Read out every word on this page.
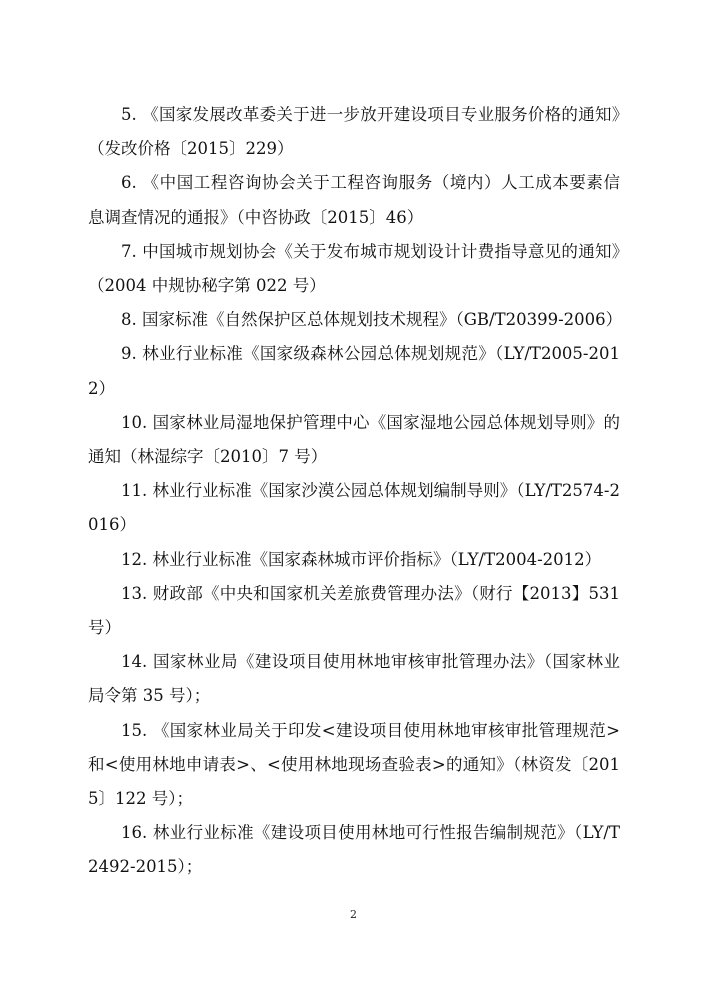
5. 《国家发展改革委关于进一步放开建设项目专业服务价格的通知》（发改价格〔2015〕229）

6. 《中国工程咨询协会关于工程咨询服务（境内）人工成本要素信息调查情况的通报》（中咨协政〔2015〕46）

7. 中国城市规划协会《关于发布城市规划设计计费指导意见的通知》（2004 中规协秘字第 022 号）

8. 国家标准《自然保护区总体规划技术规程》（GB/T20399-2006）

9. 林业行业标准《国家级森林公园总体规划规范》（LY/T2005-2012）

10. 国家林业局湿地保护管理中心《国家湿地公园总体规划导则》的通知（林湿综字〔2010〕7 号）

11. 林业行业标准《国家沙漠公园总体规划编制导则》（LY/T2574-2016）

12. 林业行业标准《国家森林城市评价指标》（LY/T2004-2012）

13. 财政部《中央和国家机关差旅费管理办法》（财行【2013】531 号）

14. 国家林业局《建设项目使用林地审核审批管理办法》（国家林业局令第 35 号）；

15. 《国家林业局关于印发<建设项目使用林地审核审批管理规范>和<使用林地申请表>、<使用林地现场查验表>的通知》（林资发〔2015〕122 号）；

16. 林业行业标准《建设项目使用林地可行性报告编制规范》（LY/T 2492-2015）；

2
